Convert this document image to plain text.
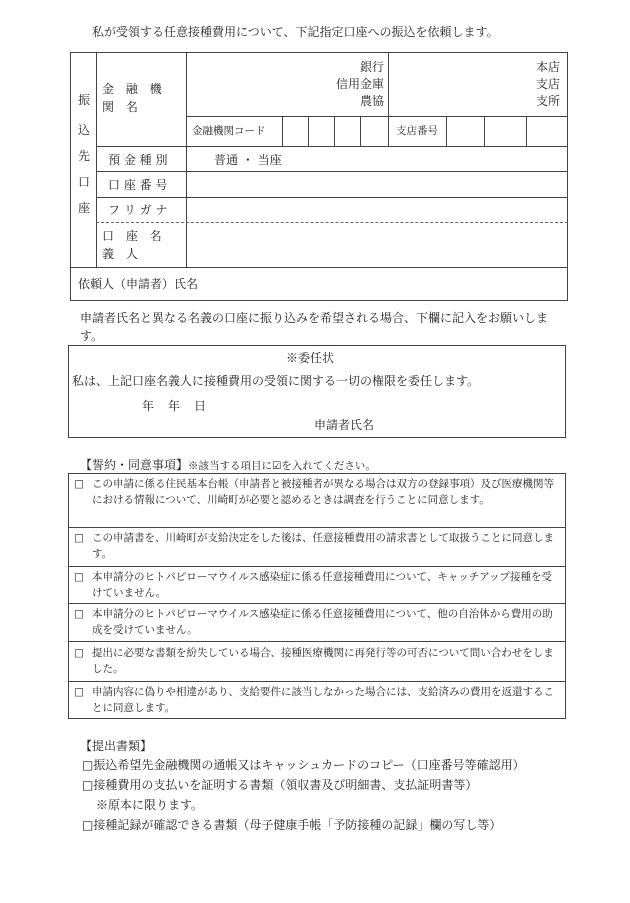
私が受領する任意接種費用について、下記指定口座への振込を依頼します。
振
込
先
口
座
金 融 機 関 名
銀行
信用金庫
農協
本店
支店
支所
金融機関コード	支店番号
預 金 種 別	普通 ・ 当座
口 座 番 号
フ リ ガ ナ
口 座 名 義 人
依頼人（申請者）氏名
申請者氏名と異なる名義の口座に振り込みを希望される場合、下欄に記入をお願いします。
※委任状
私は、上記口座名義人に接種費用の受領に関する一切の権限を委任します。
年 年 日
申請者氏名
【誓約・同意事項】※該当する項目に☑を入れてください。
□ この申請に係る住民基本台帳（申請者と被接種者が異なる場合は双方の登録事項）及び医療機関等における情報について、川崎町が必要と認めるときは調査を行うことに同意します。
□ この申請書を、川崎町が支給決定をした後は、任意接種費用の請求書として取扱うことに同意します。
□ 本申請分のヒトパピローマウイルス感染症に係る任意接種費用について、キャッチアップ接種を受けていません。
□ 本申請分のヒトパピローマウイルス感染症に係る任意接種費用について、他の自治体から費用の助成を受けていません。
□ 提出に必要な書類を紛失している場合、接種医療機関に再発行等の可否について問い合わせをしました。
□ 申請内容に偽りや相違があり、支給要件に該当しなかった場合には、支給済みの費用を返還することに同意します。
【提出書類】
□振込希望先金融機関の通帳又はキャッシュカードのコピー（口座番号等確認用）
□接種費用の支払いを証明する書類（領収書及び明細書、支払証明書等）
※原本に限ります。
□接種記録が確認できる書類（母子健康手帳「予防接種の記録」欄の写し等）
